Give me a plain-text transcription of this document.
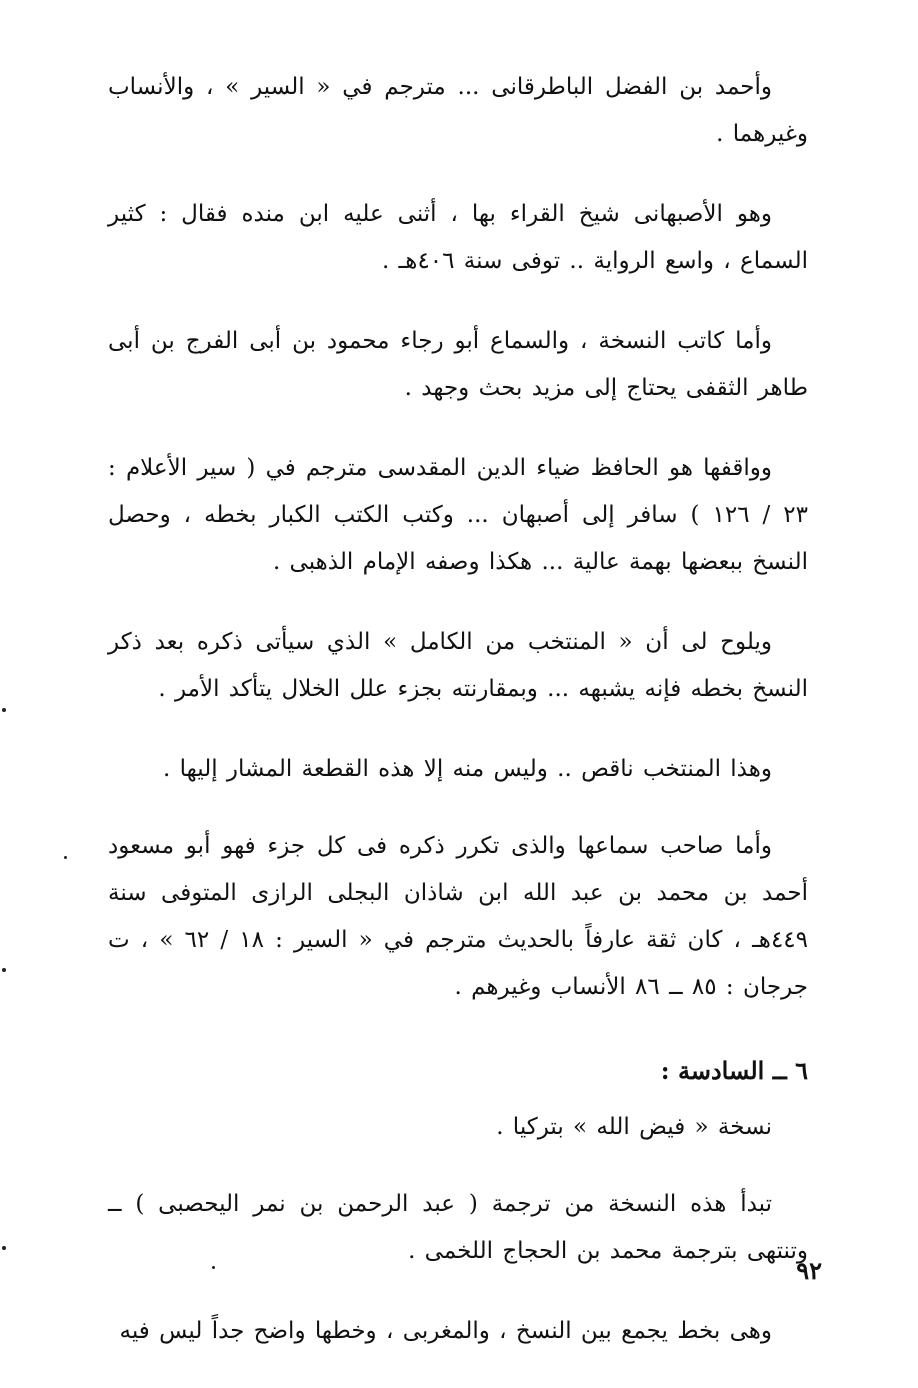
وأحمد بن الفضل الباطرقانى ... مترجم في « السير » ، والأنساب وغيرهما .

وهو الأصبهانى شيخ القراء بها ، أثنى عليه ابن منده فقال : كثير السماع ، واسع الرواية .. توفى سنة ٤٠٦هـ .

وأما كاتب النسخة ، والسماع أبو رجاء محمود بن أبى الفرج بن أبى طاهر الثقفى يحتاج إلى مزيد بحث وجهد .

وواقفها هو الحافظ ضياء الدين المقدسى مترجم في ( سير الأعلام : ٢٣ / ١٢٦ ) سافر إلى أصبهان ... وكتب الكتب الكبار بخطه ، وحصل النسخ ببعضها بهمة عالية ... هكذا وصفه الإمام الذهبى .

ويلوح لى أن « المنتخب من الكامل » الذي سيأتى ذكره بعد ذكر النسخ بخطه فإنه يشبهه ... وبمقارنته بجزء علل الخلال يتأكد الأمر .

وهذا المنتخب ناقص .. وليس منه إلا هذه القطعة المشار إليها .

وأما صاحب سماعها والذى تكرر ذكره فى كل جزء فهو أبو مسعود أحمد بن محمد بن عبد الله ابن شاذان البجلى الرازى المتوفى سنة ٤٤٩هـ ، كان ثقة عارفاً بالحديث مترجم في « السير : ١٨ / ٦٢ » ، ت جرجان : ٨٥ ــ ٨٦ الأنساب وغيرهم .

٦ ــ السادسة :

نسخة « فيض الله » بتركيا .

تبدأ هذه النسخة من ترجمة ( عبد الرحمن بن نمر اليحصبى ) ــ وتنتهى بترجمة محمد بن الحجاج اللخمى .

وهى بخط يجمع بين النسخ ، والمغربى ، وخطها واضح جداً ليس فيه

٩٢
